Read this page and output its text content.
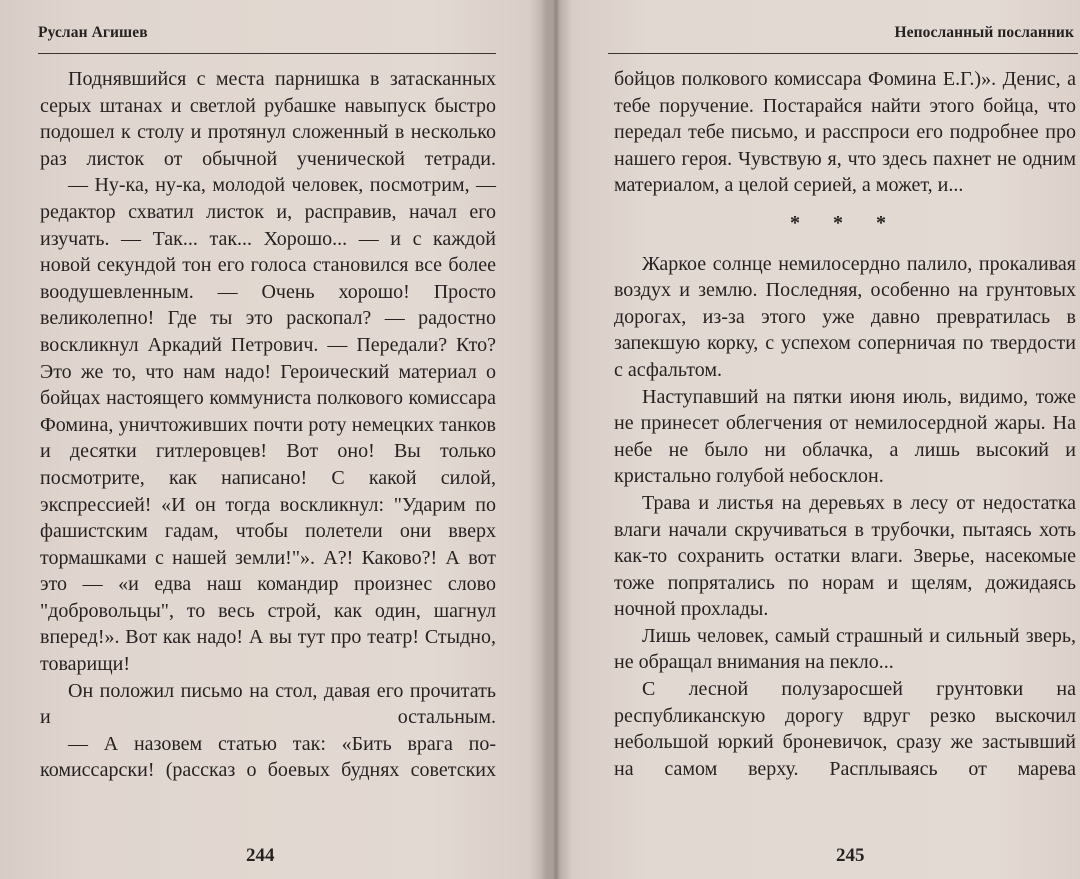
Руслан Агишев

Поднявшийся с места парнишка в затасканных серых штанах и светлой рубашке навыпуск быстро подошел к столу и протянул сложенный в несколько раз листок от обычной ученической тетради.

— Ну-ка, ну-ка, молодой человек, посмотрим, — редактор схватил листок и, расправив, начал его изучать. — Так... так... Хорошо... — и с каждой новой секундой тон его голоса становился все более воодушевленным. — Очень хорошо! Просто великолепно! Где ты это раскопал? — радостно воскликнул Аркадий Петрович. — Передали? Кто? Это же то, что нам надо! Героический материал о бойцах настоящего коммуниста полкового комиссара Фомина, уничтоживших почти роту немецких танков и десятки гитлеровцев! Вот оно! Вы только посмотрите, как написано! С какой силой, экспрессией! «И он тогда воскликнул: "Ударим по фашистским гадам, чтобы полетели они вверх тормашками с нашей земли!"». А?! Каково?! А вот это — «и едва наш командир произнес слово "добровольцы", то весь строй, как один, шагнул вперед!». Вот как надо! А вы тут про театр! Стыдно, товарищи!

Он положил письмо на стол, давая его прочитать и остальным.

— А назовем статью так: «Бить врага по-комиссарски! (рассказ о боевых буднях советских

244
Непосланный посланник

бойцов полкового комиссара Фомина Е.Г.)». Денис, а тебе поручение. Постарайся найти этого бойца, что передал тебе письмо, и расспроси его подробнее про нашего героя. Чувствую я, что здесь пахнет не одним материалом, а целой серией, а может, и...

* * *

Жаркое солнце немилосердно палило, прокаливая воздух и землю. Последняя, особенно на грунтовых дорогах, из-за этого уже давно превратилась в запекшую корку, с успехом соперничая по твердости с асфальтом.

Наступавший на пятки июня июль, видимо, тоже не принесет облегчения от немилосердной жары. На небе не было ни облачка, а лишь высокий и кристально голубой небосклон.

Трава и листья на деревьях в лесу от недостатка влаги начали скручиваться в трубочки, пытаясь хоть как-то сохранить остатки влаги. Зверье, насекомые тоже попрятались по норам и щелям, дожидаясь ночной прохлады.

Лишь человек, самый страшный и сильный зверь, не обращал внимания на пекло...

С лесной полузаросшей грунтовки на республиканскую дорогу вдруг резко выскочил небольшой юркий броневичок, сразу же застывший на самом верху. Расплываясь от марева

245
